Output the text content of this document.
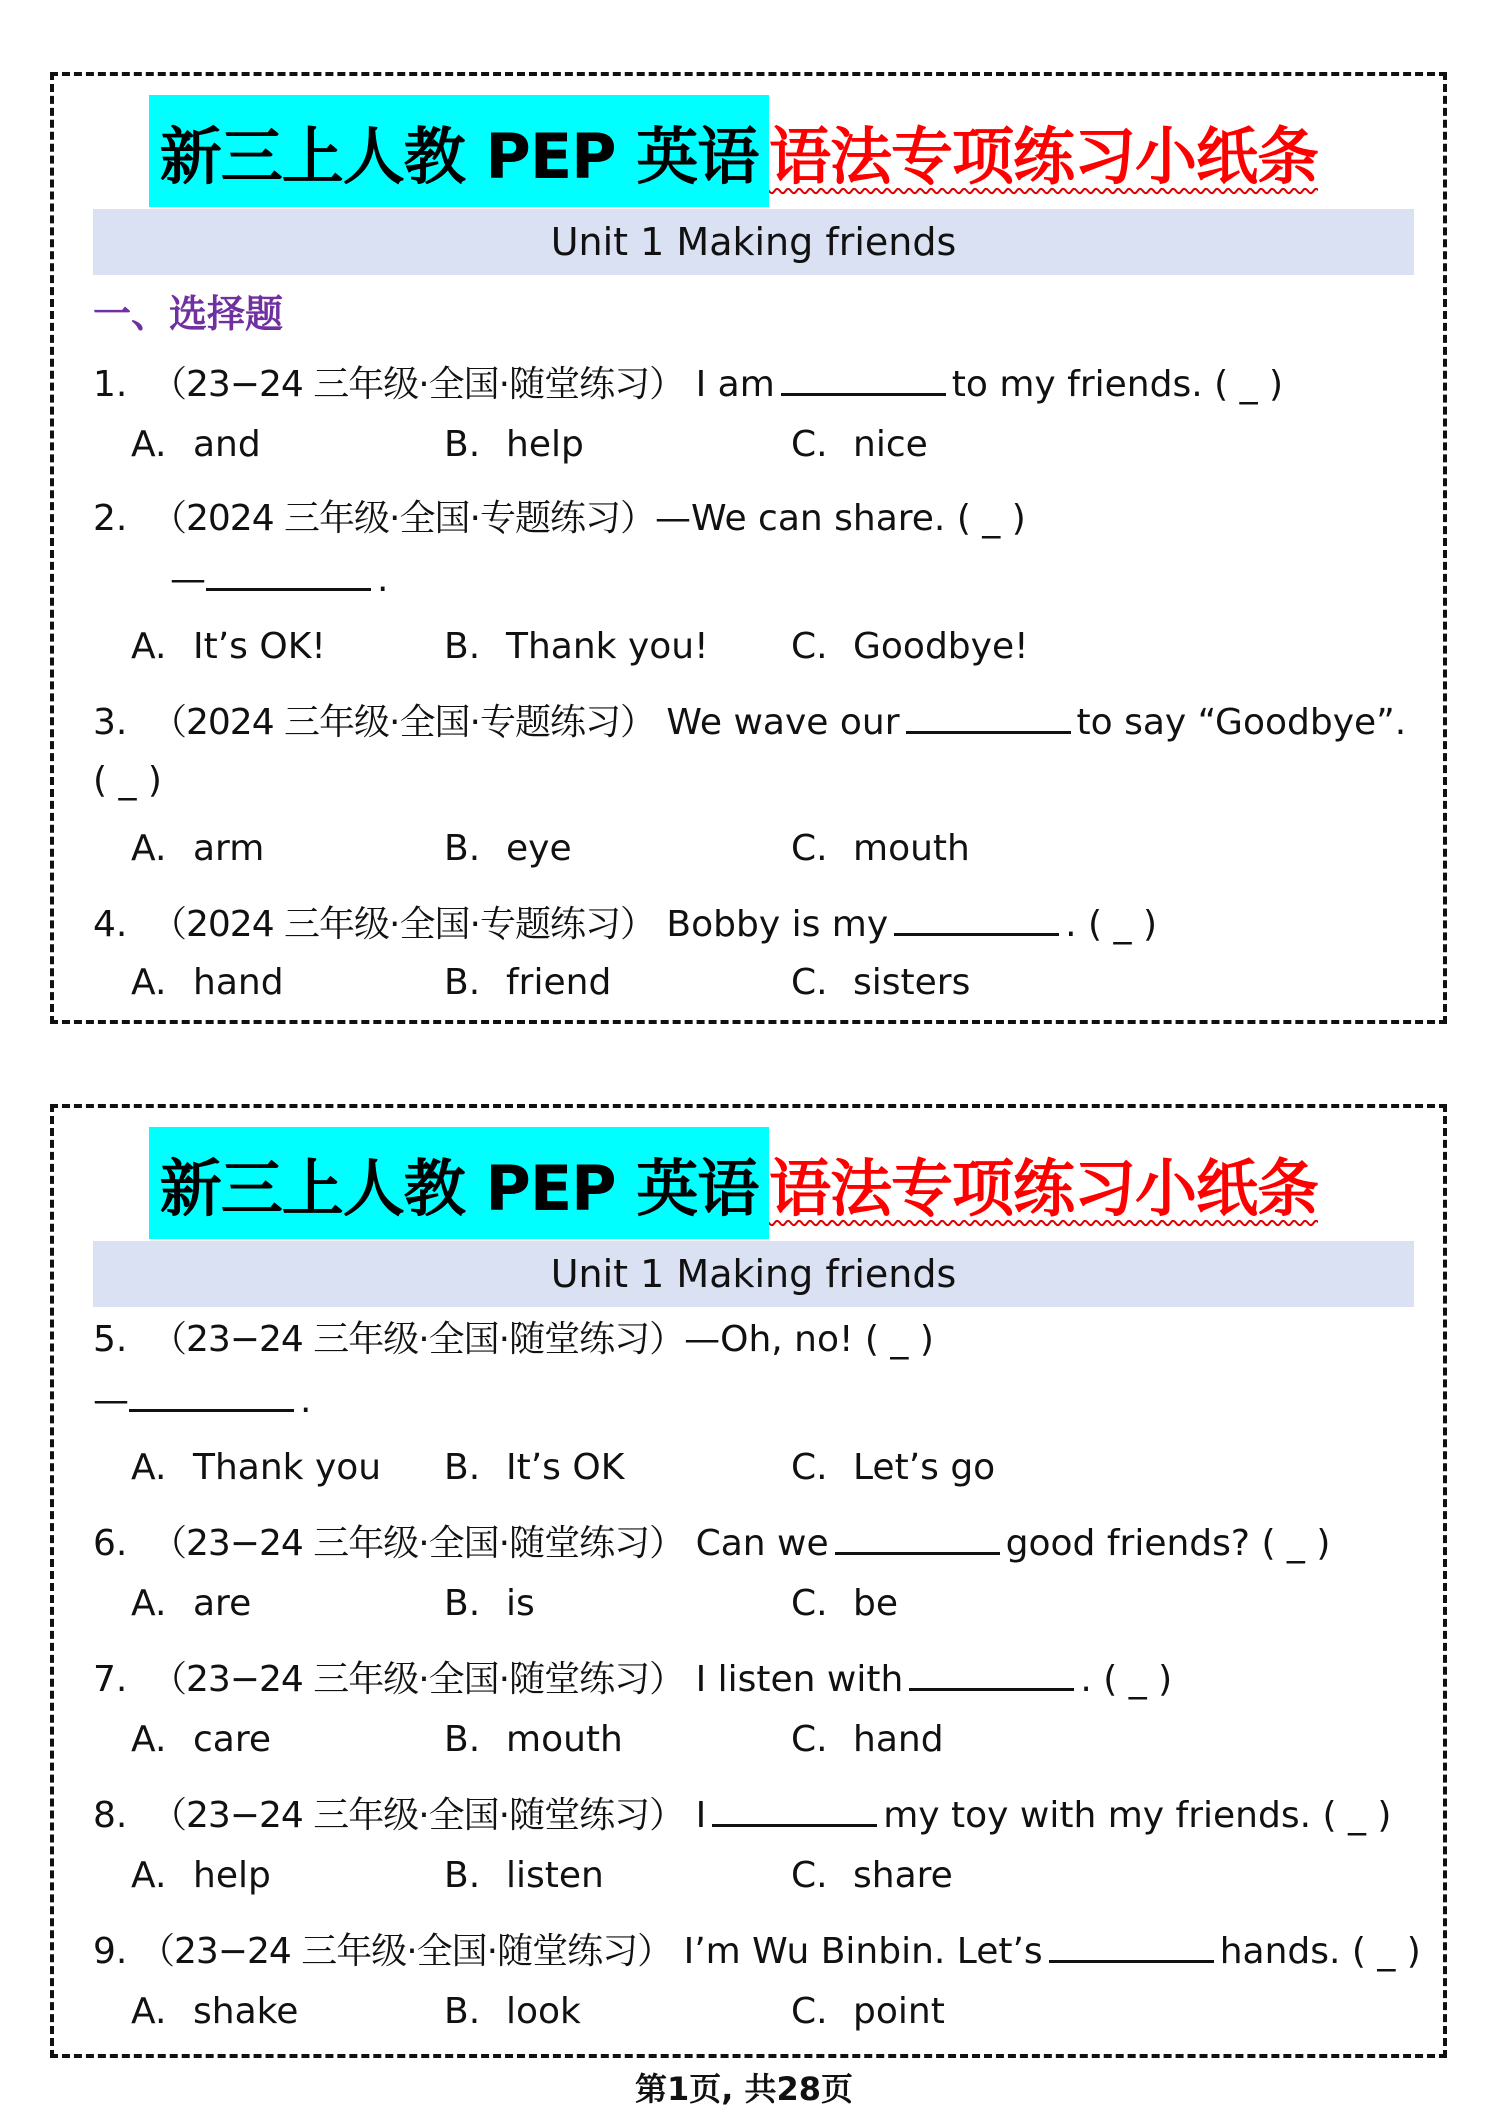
新三上人教 PEP 英语 语法专项练习小纸条
Unit 1 Making friends
一、选择题
1. （23−24 三年级·全国·随堂练习） I am	to my friends. ( _ )
A. and	B. help	C. nice
2. （2024 三年级·全国·专题练习）—We can share. ( _ )
—	.
A. It’s OK!	B. Thank you! C. Goodbye!
3. （2024 三年级·全国·专题练习） We wave our	to say “Goodbye”.
( _ )
A. arm	B. eye	C. mouth
4. （2024 三年级·全国·专题练习） Bobby is my	. ( _ )
A. hand	B. friend	C. sisters
新三上人教 PEP 英语 语法专项练习小纸条
Unit 1 Making friends
5. （23−24 三年级·全国·随堂练习）—Oh, no! ( _ )
—	.
A. Thank you B. It’s OK	C. Let’s go
6. （23−24 三年级·全国·随堂练习） Can we	good friends? ( _ )
A. are	B. is	C. be
7. （23−24 三年级·全国·随堂练习） I listen with	. ( _ )
A. care	B. mouth	C. hand
8. （23−24 三年级·全国·随堂练习） I	my toy with my friends. ( _ )
A. help	B. listen	C. share
9. （23−24 三年级·全国·随堂练习） I’m Wu Binbin. Let’s	hands. ( _ )
A. shake	B. look	C. point
第1页, 共28页
